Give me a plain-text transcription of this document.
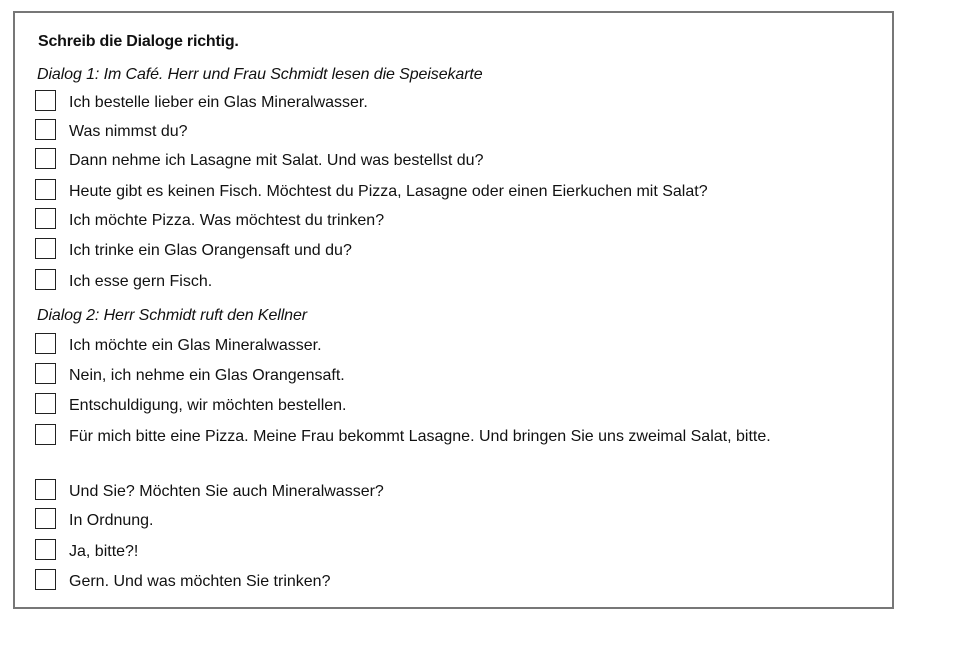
Schreib die Dialoge richtig.
Dialog 1: Im Café. Herr und Frau Schmidt lesen die Speisekarte
Ich bestelle lieber ein Glas Mineralwasser.
Was nimmst du?
Dann nehme ich Lasagne mit Salat. Und was bestellst du?
Heute gibt es keinen Fisch. Möchtest du Pizza, Lasagne oder einen Eierkuchen mit Salat?
Ich möchte Pizza. Was möchtest du trinken?
Ich trinke ein Glas Orangensaft und du?
Ich esse gern Fisch.
Dialog 2: Herr Schmidt ruft den Kellner
Ich möchte ein Glas Mineralwasser.
Nein, ich nehme ein Glas Orangensaft.
Entschuldigung, wir möchten bestellen.
Für mich bitte eine Pizza. Meine Frau bekommt Lasagne. Und bringen Sie uns zweimal Salat, bitte.
Und Sie? Möchten Sie auch Mineralwasser?
In Ordnung.
Ja, bitte?!
Gern. Und was möchten Sie trinken?
